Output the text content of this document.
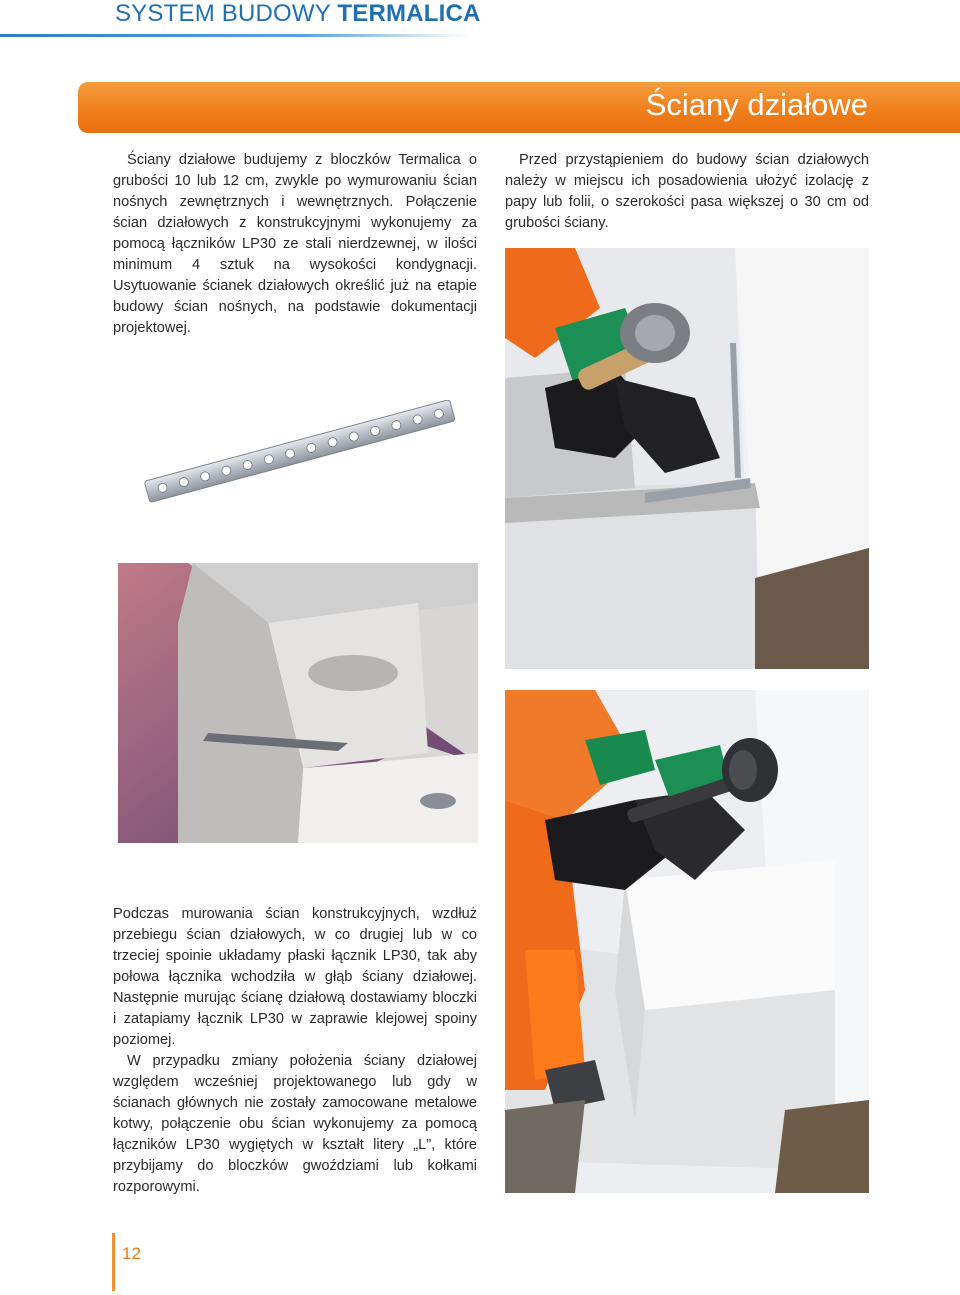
SYSTEM BUDOWY TERMALICA
Ściany działowe

Ściany działowe budujemy z bloczków Termalica o grubości 10 lub 12 cm, zwykle po wymurowaniu ścian nośnych zewnętrznych i wewnętrznych. Połączenie ścian działowych z konstrukcyjnymi wykonujemy za pomocą łączników LP30 ze stali nierdzewnej, w ilości minimum 4 sztuk na wysokości kondygnacji. Usytuowanie ścianek działowych określić już na etapie budowy ścian nośnych, na podstawie dokumentacji projektowej.

Przed przystąpieniem do budowy ścian działowych należy w miejscu ich posadowienia ułożyć izolację z papy lub folii, o szerokości pasa większej o 30 cm od grubości ściany.

Podczas murowania ścian konstrukcyjnych, wzdłuż przebiegu ścian działowych, w co drugiej lub w co trzeciej spoinie układamy płaski łącznik LP30, tak aby połowa łącznika wchodziła w głąb ściany działowej. Następnie murując ścianę działową dostawiamy bloczki i zatapiamy łącznik LP30 w zaprawie klejowej spoiny poziomej.

W przypadku zmiany położenia ściany działowej względem wcześniej projektowanego lub gdy w ścianach głównych nie zostały zamocowane metalowe kotwy, połączenie obu ścian wykonujemy za pomocą łączników LP30 wygiętych w kształt litery „L”, które przybijamy do bloczków gwoździami lub kołkami rozporowymi.

12
